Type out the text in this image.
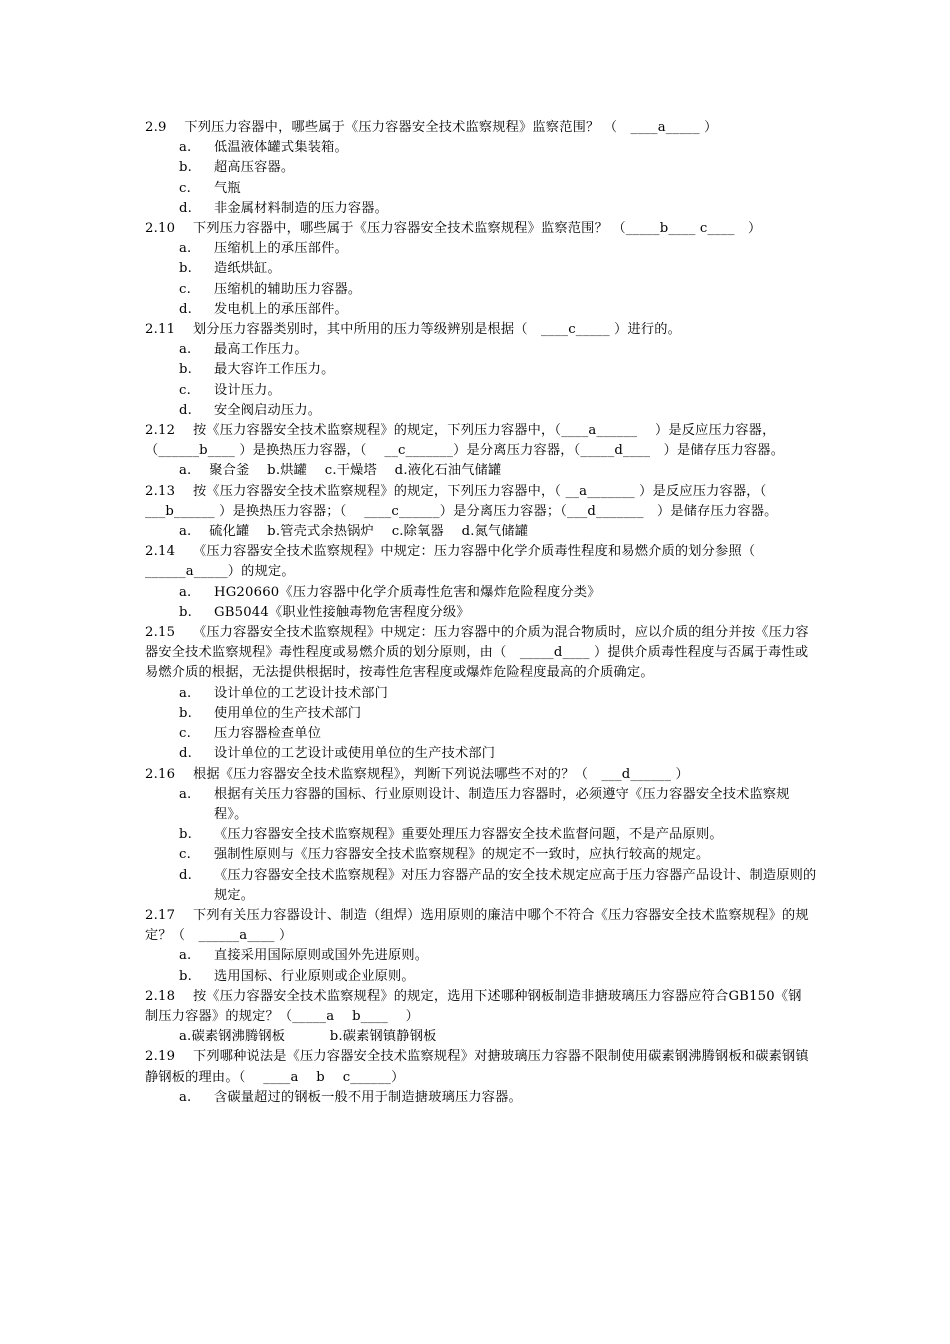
2.9　 下列压力容器中，哪些属于《压力容器安全技术监察规程》监察范围？ （　____a_____ ）
a.	低温液体罐式集装箱。
b.	超高压容器。
c.	气瓶
d.	非金属材料制造的压力容器。
2.10　 下列压力容器中，哪些属于《压力容器安全技术监察规程》监察范围？ （_____b____ c____　）
a.	压缩机上的承压部件。
b.	造纸烘缸。
c.	压缩机的辅助压力容器。
d.	发电机上的承压部件。
2.11　 划分压力容器类别时，其中所用的压力等级辨别是根据（　____c_____ ）进行的。
a.	最高工作压力。
b.	最大容许工作压力。
c.	设计压力。
d.	安全阀启动压力。
2.12　 按《压力容器安全技术监察规程》的规定，下列压力容器中，（____a______ 　）是反应压力容器，（______b____ ）是换热压力容器，（　 __c_______）是分离压力容器，（_____d____　）是储存压力容器。
a.　 聚合釜　 b.烘罐　 c.干燥塔　 d.液化石油气储罐
2.13　 按《压力容器安全技术监察规程》的规定，下列压力容器中，（ __a_______ ）是反应压力容器，（ ___b______ ）是换热压力容器；（　 ____c______）是分离压力容器；（___d_______　）是储存压力容器。
a.　 硫化罐　 b.管壳式余热锅炉　 c.除氧器　 d.氮气储罐
2.14　 《压力容器安全技术监察规程》中规定：压力容器中化学介质毒性程度和易燃介质的划分参照（　 ______a_____）的规定。
a.	HG20660《压力容器中化学介质毒性危害和爆炸危险程度分类》
b.	GB5044《职业性接触毒物危害程度分级》
2.15　 《压力容器安全技术监察规程》中规定：压力容器中的介质为混合物质时，应以介质的组分并按《压力容器安全技术监察规程》毒性程度或易燃介质的划分原则，由（　_____d____ ）提供介质毒性程度与否属于毒性或易燃介质的根据，无法提供根据时，按毒性危害程度或爆炸危险程度最高的介质确定。
a.	设计单位的工艺设计技术部门
b.	使用单位的生产技术部门
c.	压力容器检查单位
d.	设计单位的工艺设计或使用单位的生产技术部门
2.16　 根据《压力容器安全技术监察规程》，判断下列说法哪些不对的？（　___d______ ）
a.	根据有关压力容器的国标、行业原则设计、制造压力容器时，必须遵守《压力容器安全技术监察规程》。
b.	《压力容器安全技术监察规程》重要处理压力容器安全技术监督问题，不是产品原则。
c.	强制性原则与《压力容器安全技术监察规程》的规定不一致时，应执行较高的规定。
d.	《压力容器安全技术监察规程》对压力容器产品的安全技术规定应高于压力容器产品设计、制造原则的规定。
2.17　 下列有关压力容器设计、制造（组焊）选用原则的廉洁中哪个不符合《压力容器安全技术监察规程》的规定？（　______a____ ）
a.	直接采用国际原则或国外先进原则。
b.	选用国标、行业原则或企业原则。
2.18　 按《压力容器安全技术监察规程》的规定，选用下述哪种钢板制造非搪玻璃压力容器应符合GB150《钢制压力容器》的规定？（_____a　 b____　 ）
a.碳素钢沸腾钢板　　　 b.碳素钢镇静钢板
2.19　 下列哪种说法是《压力容器安全技术监察规程》对搪玻璃压力容器不限制使用碳素钢沸腾钢板和碳素钢镇静钢板的理由。（　 ____a　 b　 c______）
a.	含碳量超过的钢板一般不用于制造搪玻璃压力容器。
